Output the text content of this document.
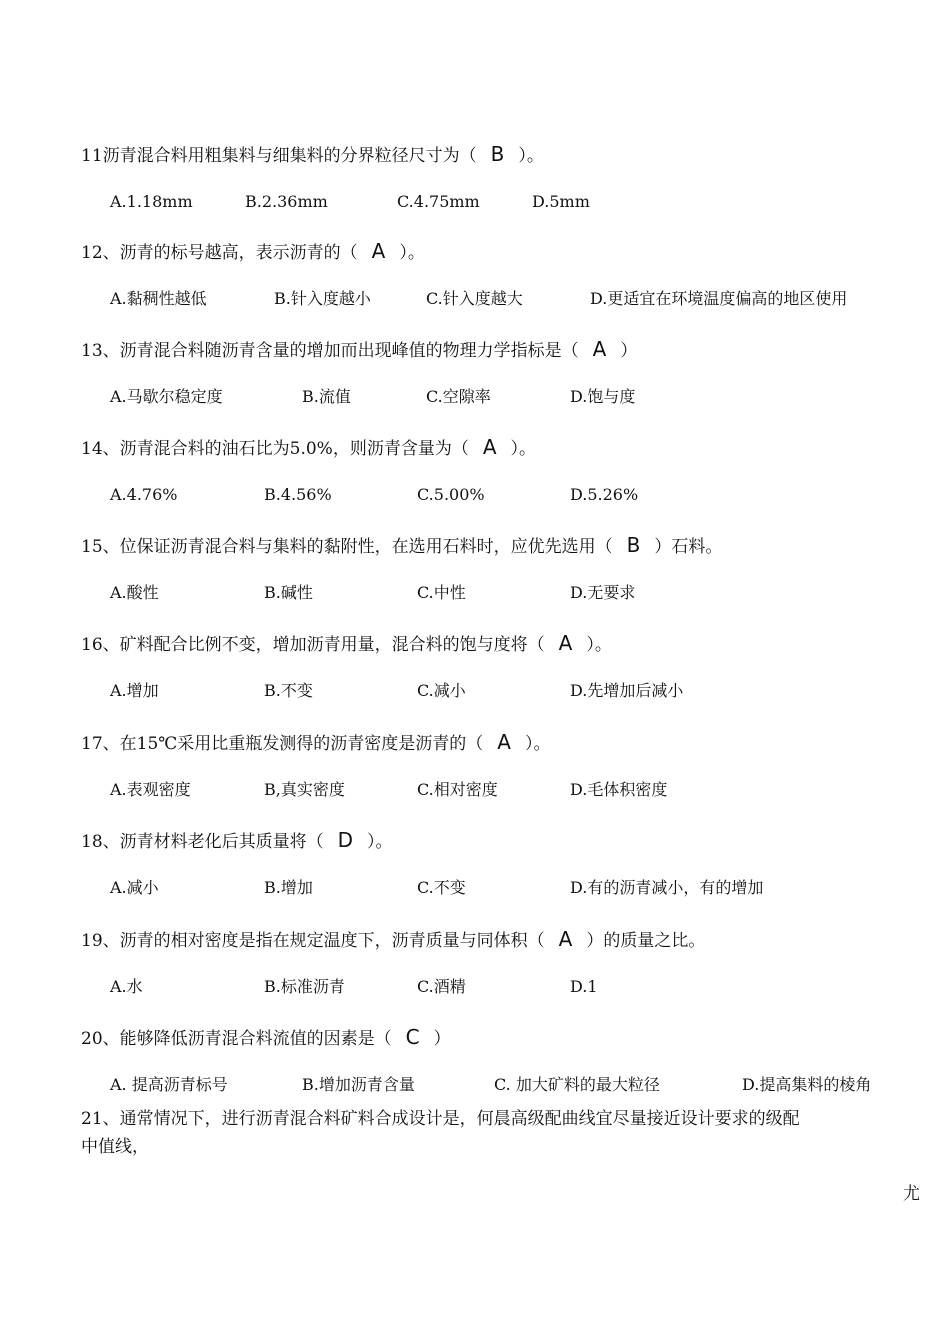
11沥青混合料用粗集料与细集料的分界粒径尺寸为（ B ）。
A.1.18mm	B.2.36mm	C.4.75mm	D.5mm
12、沥青的标号越高，表示沥青的（ A ）。
A.黏稠性越低	B.针入度越小	C.针入度越大	D.更适宜在环境温度偏高的地区使用
13、沥青混合料随沥青含量的增加而出现峰值的物理力学指标是（ A ）
A.马歇尔稳定度	B.流值	C.空隙率	D.饱与度
14、沥青混合料的油石比为5.0%，则沥青含量为（ A ）。
A.4.76%	B.4.56%	C.5.00%	D.5.26%
15、位保证沥青混合料与集料的黏附性，在选用石料时，应优先选用（ B ）石料。
A.酸性	B.碱性	C.中性	D.无要求
16、矿料配合比例不变，增加沥青用量，混合料的饱与度将（ A ）。
A.增加	B.不变	C.减小	D.先增加后减小
17、在15℃采用比重瓶发测得的沥青密度是沥青的（ A ）。
A.表观密度	B,真实密度	C.相对密度	D.毛体积密度
18、沥青材料老化后其质量将（ D ）。
A.减小	B.增加	C.不变	D.有的沥青减小，有的增加
19、沥青的相对密度是指在规定温度下，沥青质量与同体积（ A ）的质量之比。
A.水	B.标准沥青	C.酒精	D.1
20、能够降低沥青混合料流值的因素是（ C ）
A. 提高沥青标号	B.增加沥青含量	C. 加大矿料的最大粒径	D.提高集料的棱角
21、通常情况下，进行沥青混合料矿料合成设计是，何晨高级配曲线宜尽量接近设计要求的级配
中值线，
尤
